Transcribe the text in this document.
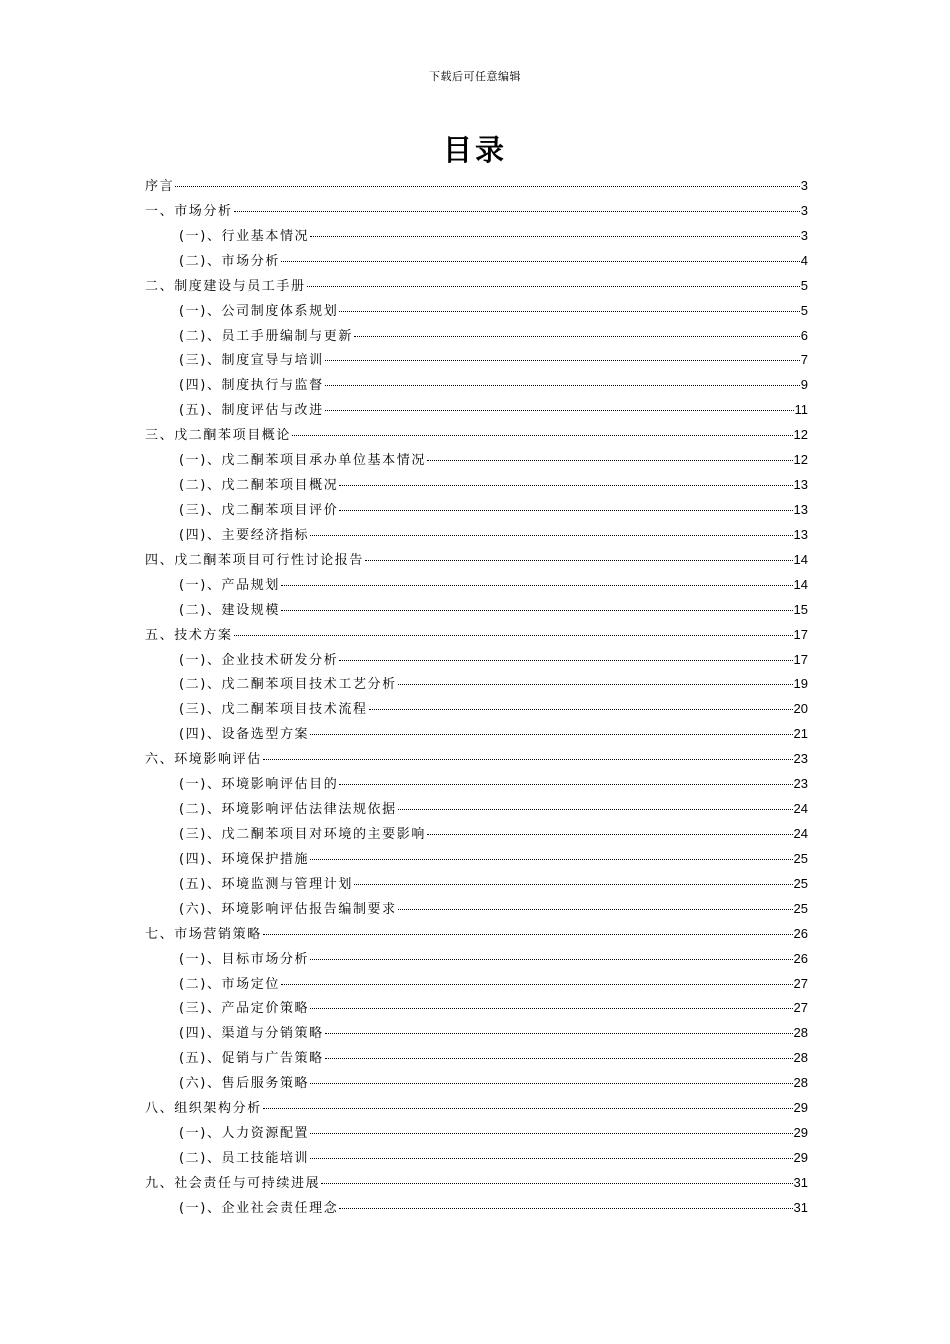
下载后可任意编辑
目录
序言	3
一、市场分析	3
(一)、行业基本情况	3
(二)、市场分析	4
二、制度建设与员工手册	5
(一)、公司制度体系规划	5
(二)、员工手册编制与更新	6
(三)、制度宣导与培训	7
(四)、制度执行与监督	9
(五)、制度评估与改进	11
三、戊二酮苯项目概论	12
(一)、戊二酮苯项目承办单位基本情况	12
(二)、戊二酮苯项目概况	13
(三)、戊二酮苯项目评价	13
(四)、主要经济指标	13
四、戊二酮苯项目可行性讨论报告	14
(一)、产品规划	14
(二)、建设规模	15
五、技术方案	17
(一)、企业技术研发分析	17
(二)、戊二酮苯项目技术工艺分析	19
(三)、戊二酮苯项目技术流程	20
(四)、设备选型方案	21
六、环境影响评估	23
(一)、环境影响评估目的	23
(二)、环境影响评估法律法规依据	24
(三)、戊二酮苯项目对环境的主要影响	24
(四)、环境保护措施	25
(五)、环境监测与管理计划	25
(六)、环境影响评估报告编制要求	25
七、市场营销策略	26
(一)、目标市场分析	26
(二)、市场定位	27
(三)、产品定价策略	27
(四)、渠道与分销策略	28
(五)、促销与广告策略	28
(六)、售后服务策略	28
八、组织架构分析	29
(一)、人力资源配置	29
(二)、员工技能培训	29
九、社会责任与可持续进展	31
(一)、企业社会责任理念	31
